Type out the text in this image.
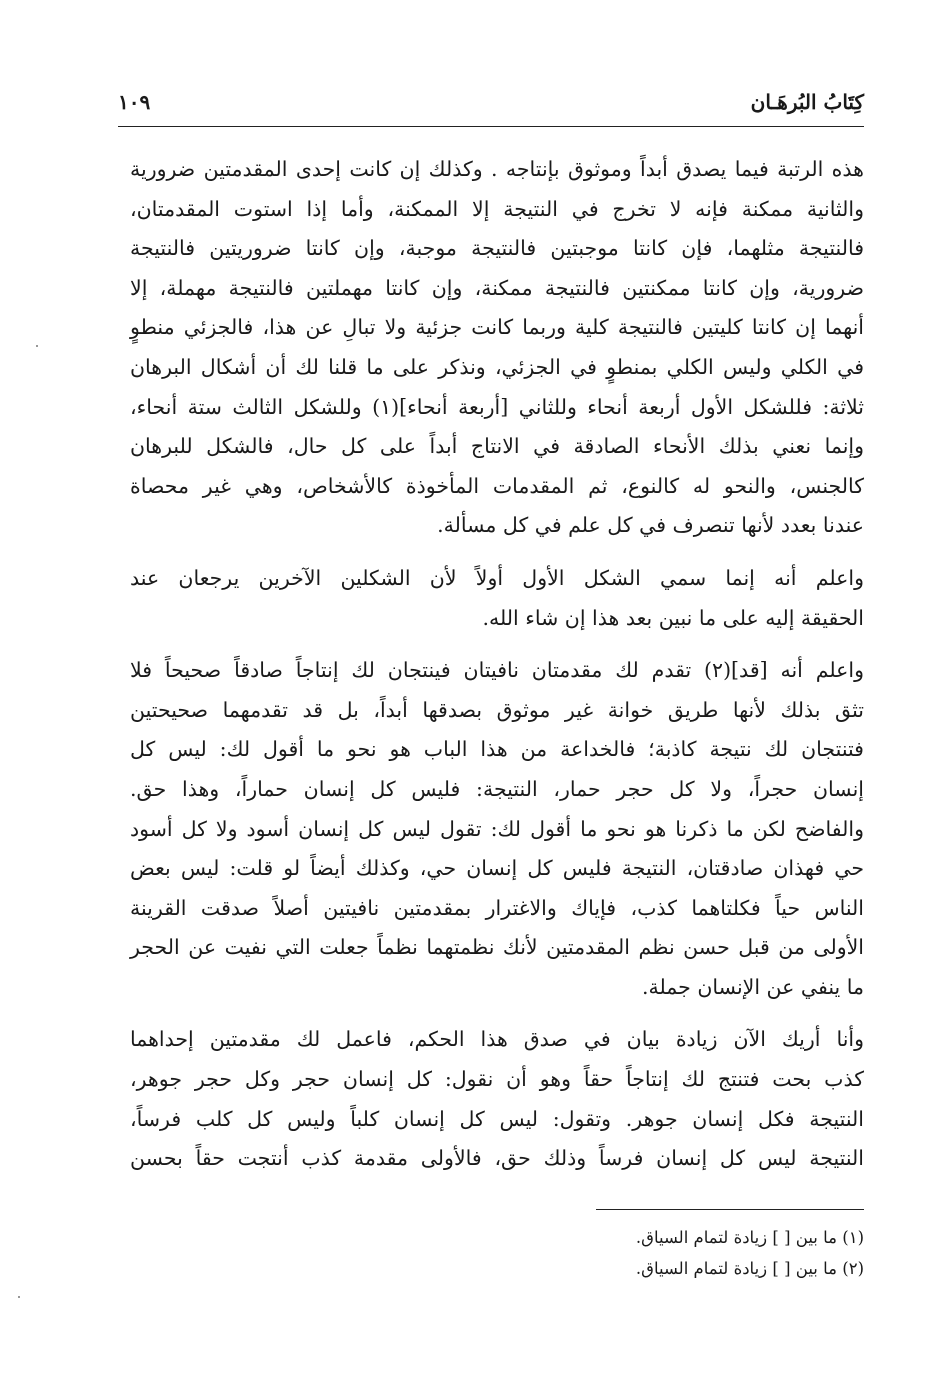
كِتَابُ البُرهَـان
١٠٩
هذه الرتبة فيما يصدق أبداً وموثوق بإنتاجه . وكذلك إن كانت إحدى المقدمتين ضرورية
والثانية ممكنة فإنه لا تخرج في النتيجة إلا الممكنة، وأما إذا استوت المقدمتان،
فالنتيجة مثلهما، فإن كانتا موجبتين فالنتيجة موجبة، وإن كانتا ضروريتين فالنتيجة
ضرورية، وإن كانتا ممكنتين فالنتيجة ممكنة، وإن كانتا مهملتين فالنتيجة مهملة، إلا
أنهما إن كانتا كليتين فالنتيجة كلية وربما كانت جزئية ولا تبالِ عن هذا، فالجزئي منطوٍ
في الكلي وليس الكلي بمنطوٍ في الجزئي، ونذكر على ما قلنا لك أن أشكال البرهان
ثلاثة: فللشكل الأول أربعة أنحاء وللثاني [أربعة أنحاء](١) وللشكل الثالث ستة أنحاء،
وإنما نعني بذلك الأنحاء الصادقة في الانتاج أبداً على كل حال، فالشكل للبرهان
كالجنس، والنحو له كالنوع، ثم المقدمات المأخوذة كالأشخاص، وهي غير محصاة
عندنا بعدد لأنها تنصرف في كل علم في كل مسألة.
واعلم أنه إنما سمي الشكل الأول أولاً لأن الشكلين الآخرين يرجعان عند
الحقيقة إليه على ما نبين بعد هذا إن شاء الله.
واعلم أنه [قد](٢) تقدم لك مقدمتان نافيتان فينتجان لك إنتاجاً صادقاً صحيحاً فلا
تثق بذلك لأنها طريق خوانة غير موثوق بصدقها أبداً، بل قد تقدمهما صحيحتين
فتنتجان لك نتيجة كاذبة؛ فالخداعة من هذا الباب هو نحو ما أقول لك: ليس كل
إنسان حجراً، ولا كل حجر حمار، النتيجة: فليس كل إنسان حماراً، وهذا حق.
والفاضح لكن ما ذكرنا هو نحو ما أقول لك: تقول ليس كل إنسان أسود ولا كل أسود
حي فهذان صادقتان، النتيجة فليس كل إنسان حي، وكذلك أيضاً لو قلت: ليس بعض
الناس حياً فكلتاهما كذب، فإياك والاغترار بمقدمتين نافيتين أصلاً صدقت القرينة
الأولى من قبل حسن نظم المقدمتين لأنك نظمتهما نظماً جعلت التي نفيت عن الحجر
ما ينفي عن الإنسان جملة.
وأنا أريك الآن زيادة بيان في صدق هذا الحكم، فاعمل لك مقدمتين إحداهما
كذب بحت فتنتج لك إنتاجاً حقاً وهو أن نقول: كل إنسان حجر وكل حجر جوهر،
النتيجة فكل إنسان جوهر. وتقول: ليس كل إنسان كلباً وليس كل كلب فرساً،
النتيجة ليس كل إنسان فرساً وذلك حق، فالأولى مقدمة كذب أنتجت حقاً بحسن
(١) ما بين [ ] زيادة لتمام السياق.
(٢) ما بين [ ] زيادة لتمام السياق.
